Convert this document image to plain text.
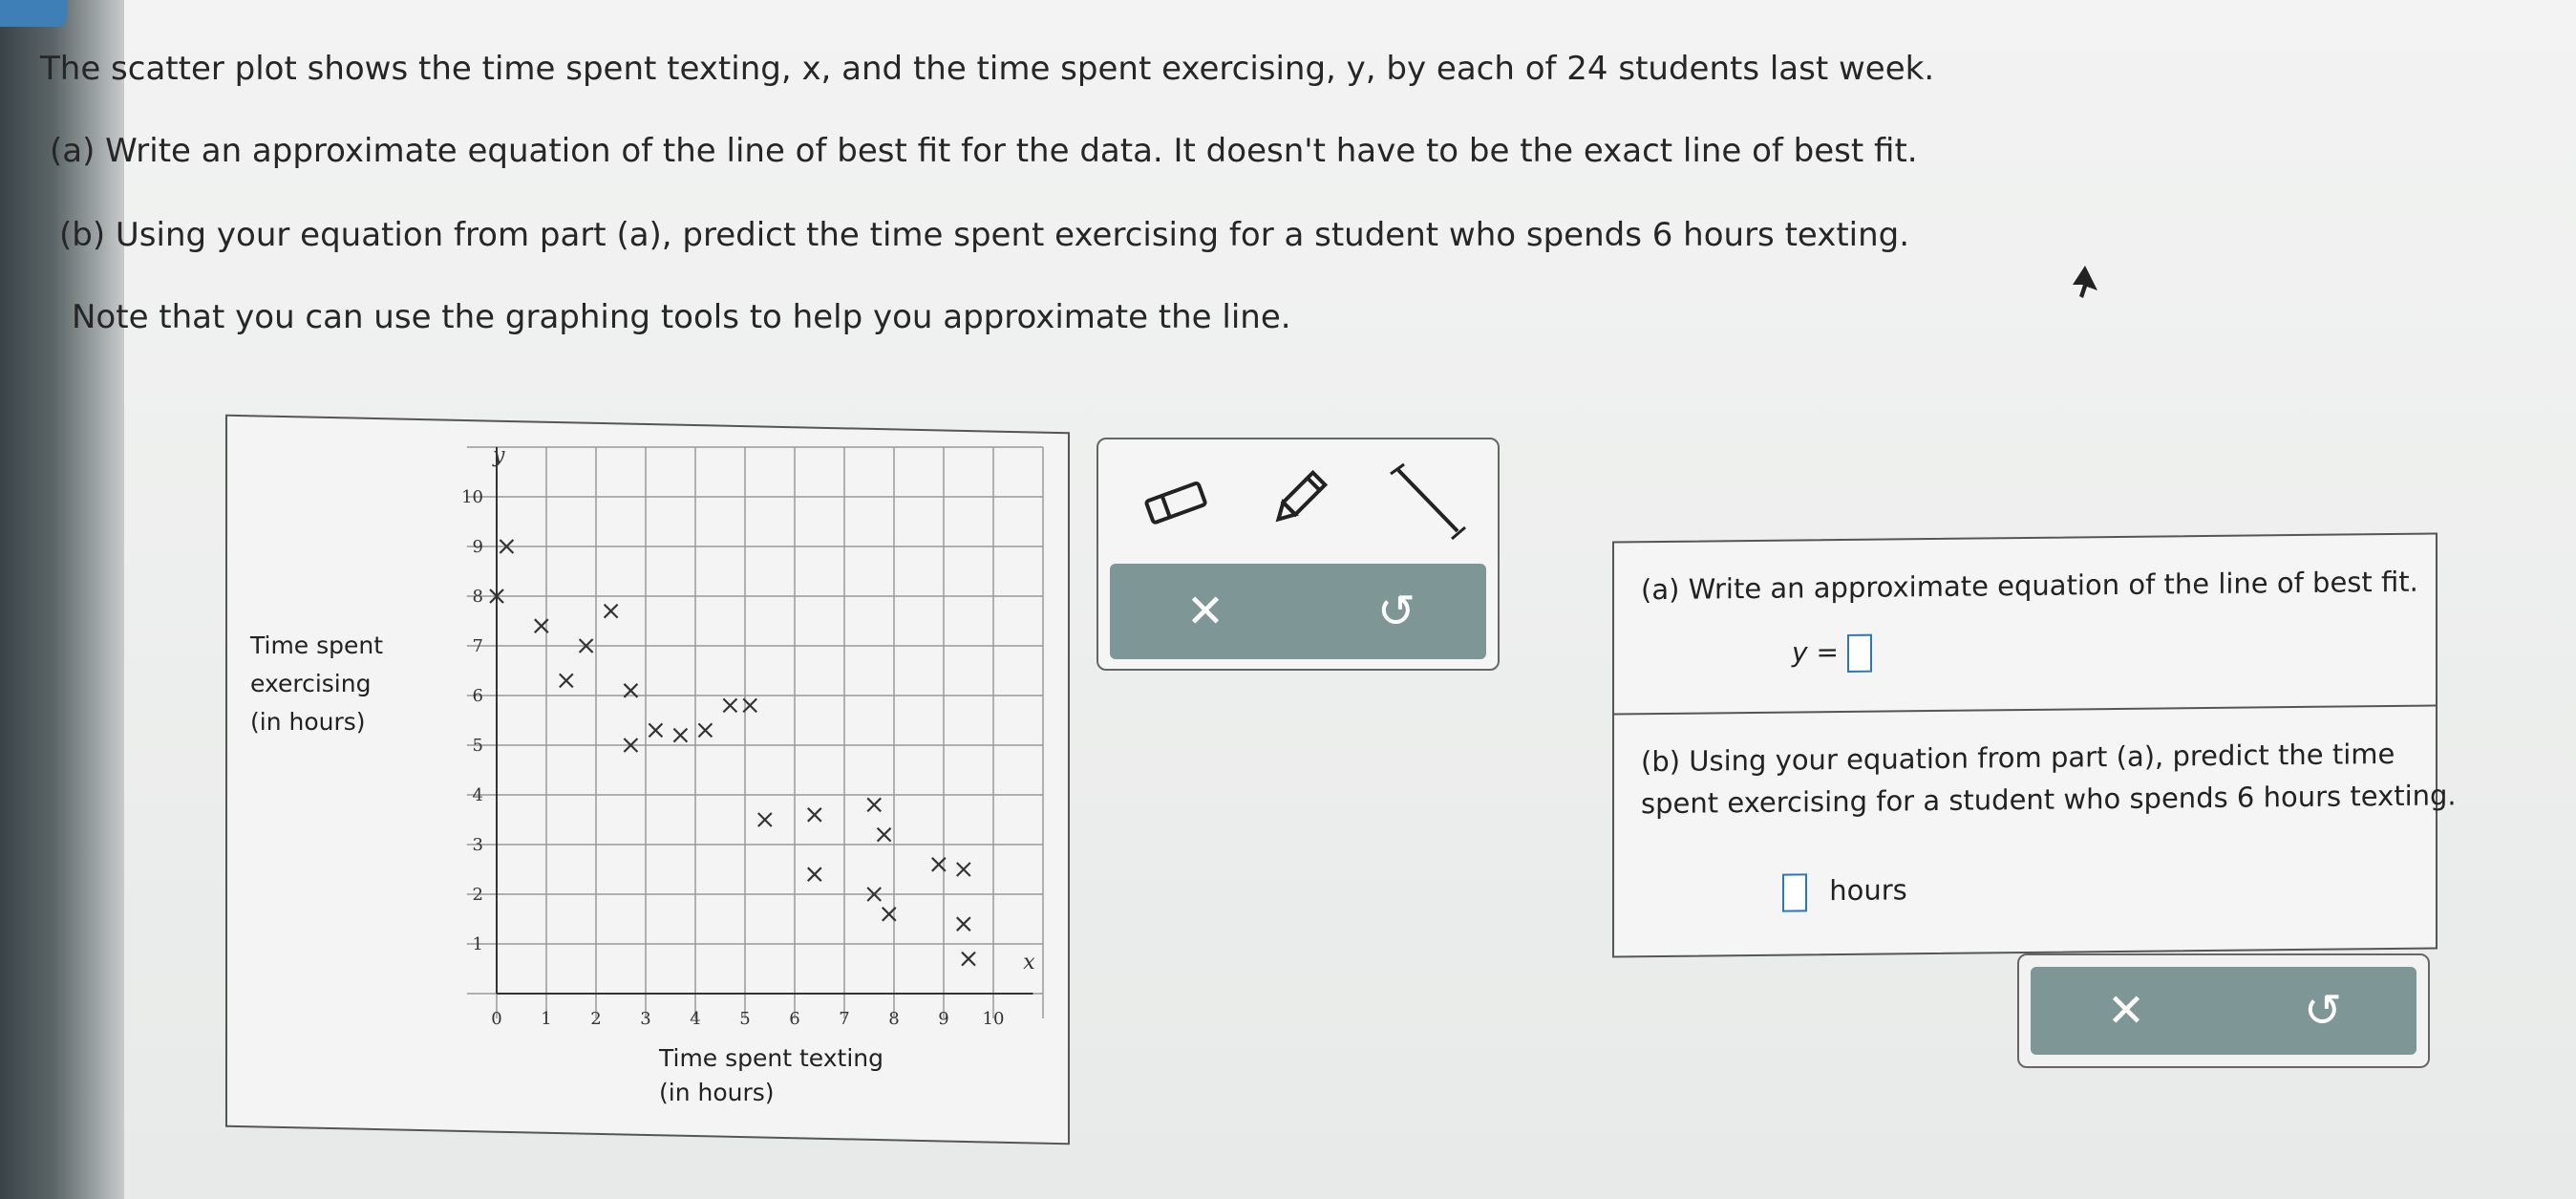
The scatter plot shows the time spent texting, x, and the time spent exercising, y, by each of 24 students last week.
(a) Write an approximate equation of the line of best fit for the data. It doesn't have to be the exact line of best fit.
(b) Using your equation from part (a), predict the time spent exercising for a student who spends 6 hours texting.
Note that you can use the graphing tools to help you approximate the line.
Time spent
exercising
(in hours)
Time spent texting
(in hours)
0 1 2 3 4 5 6 7 8 9 10
1
2
3
4
5
6
7
8
9
10
y
x
✕	↺
(a) Write an approximate equation of the line of best fit.
y =
(b) Using your equation from part (a), predict the time
spent exercising for a student who spends 6 hours texting.
hours
✕	↺
